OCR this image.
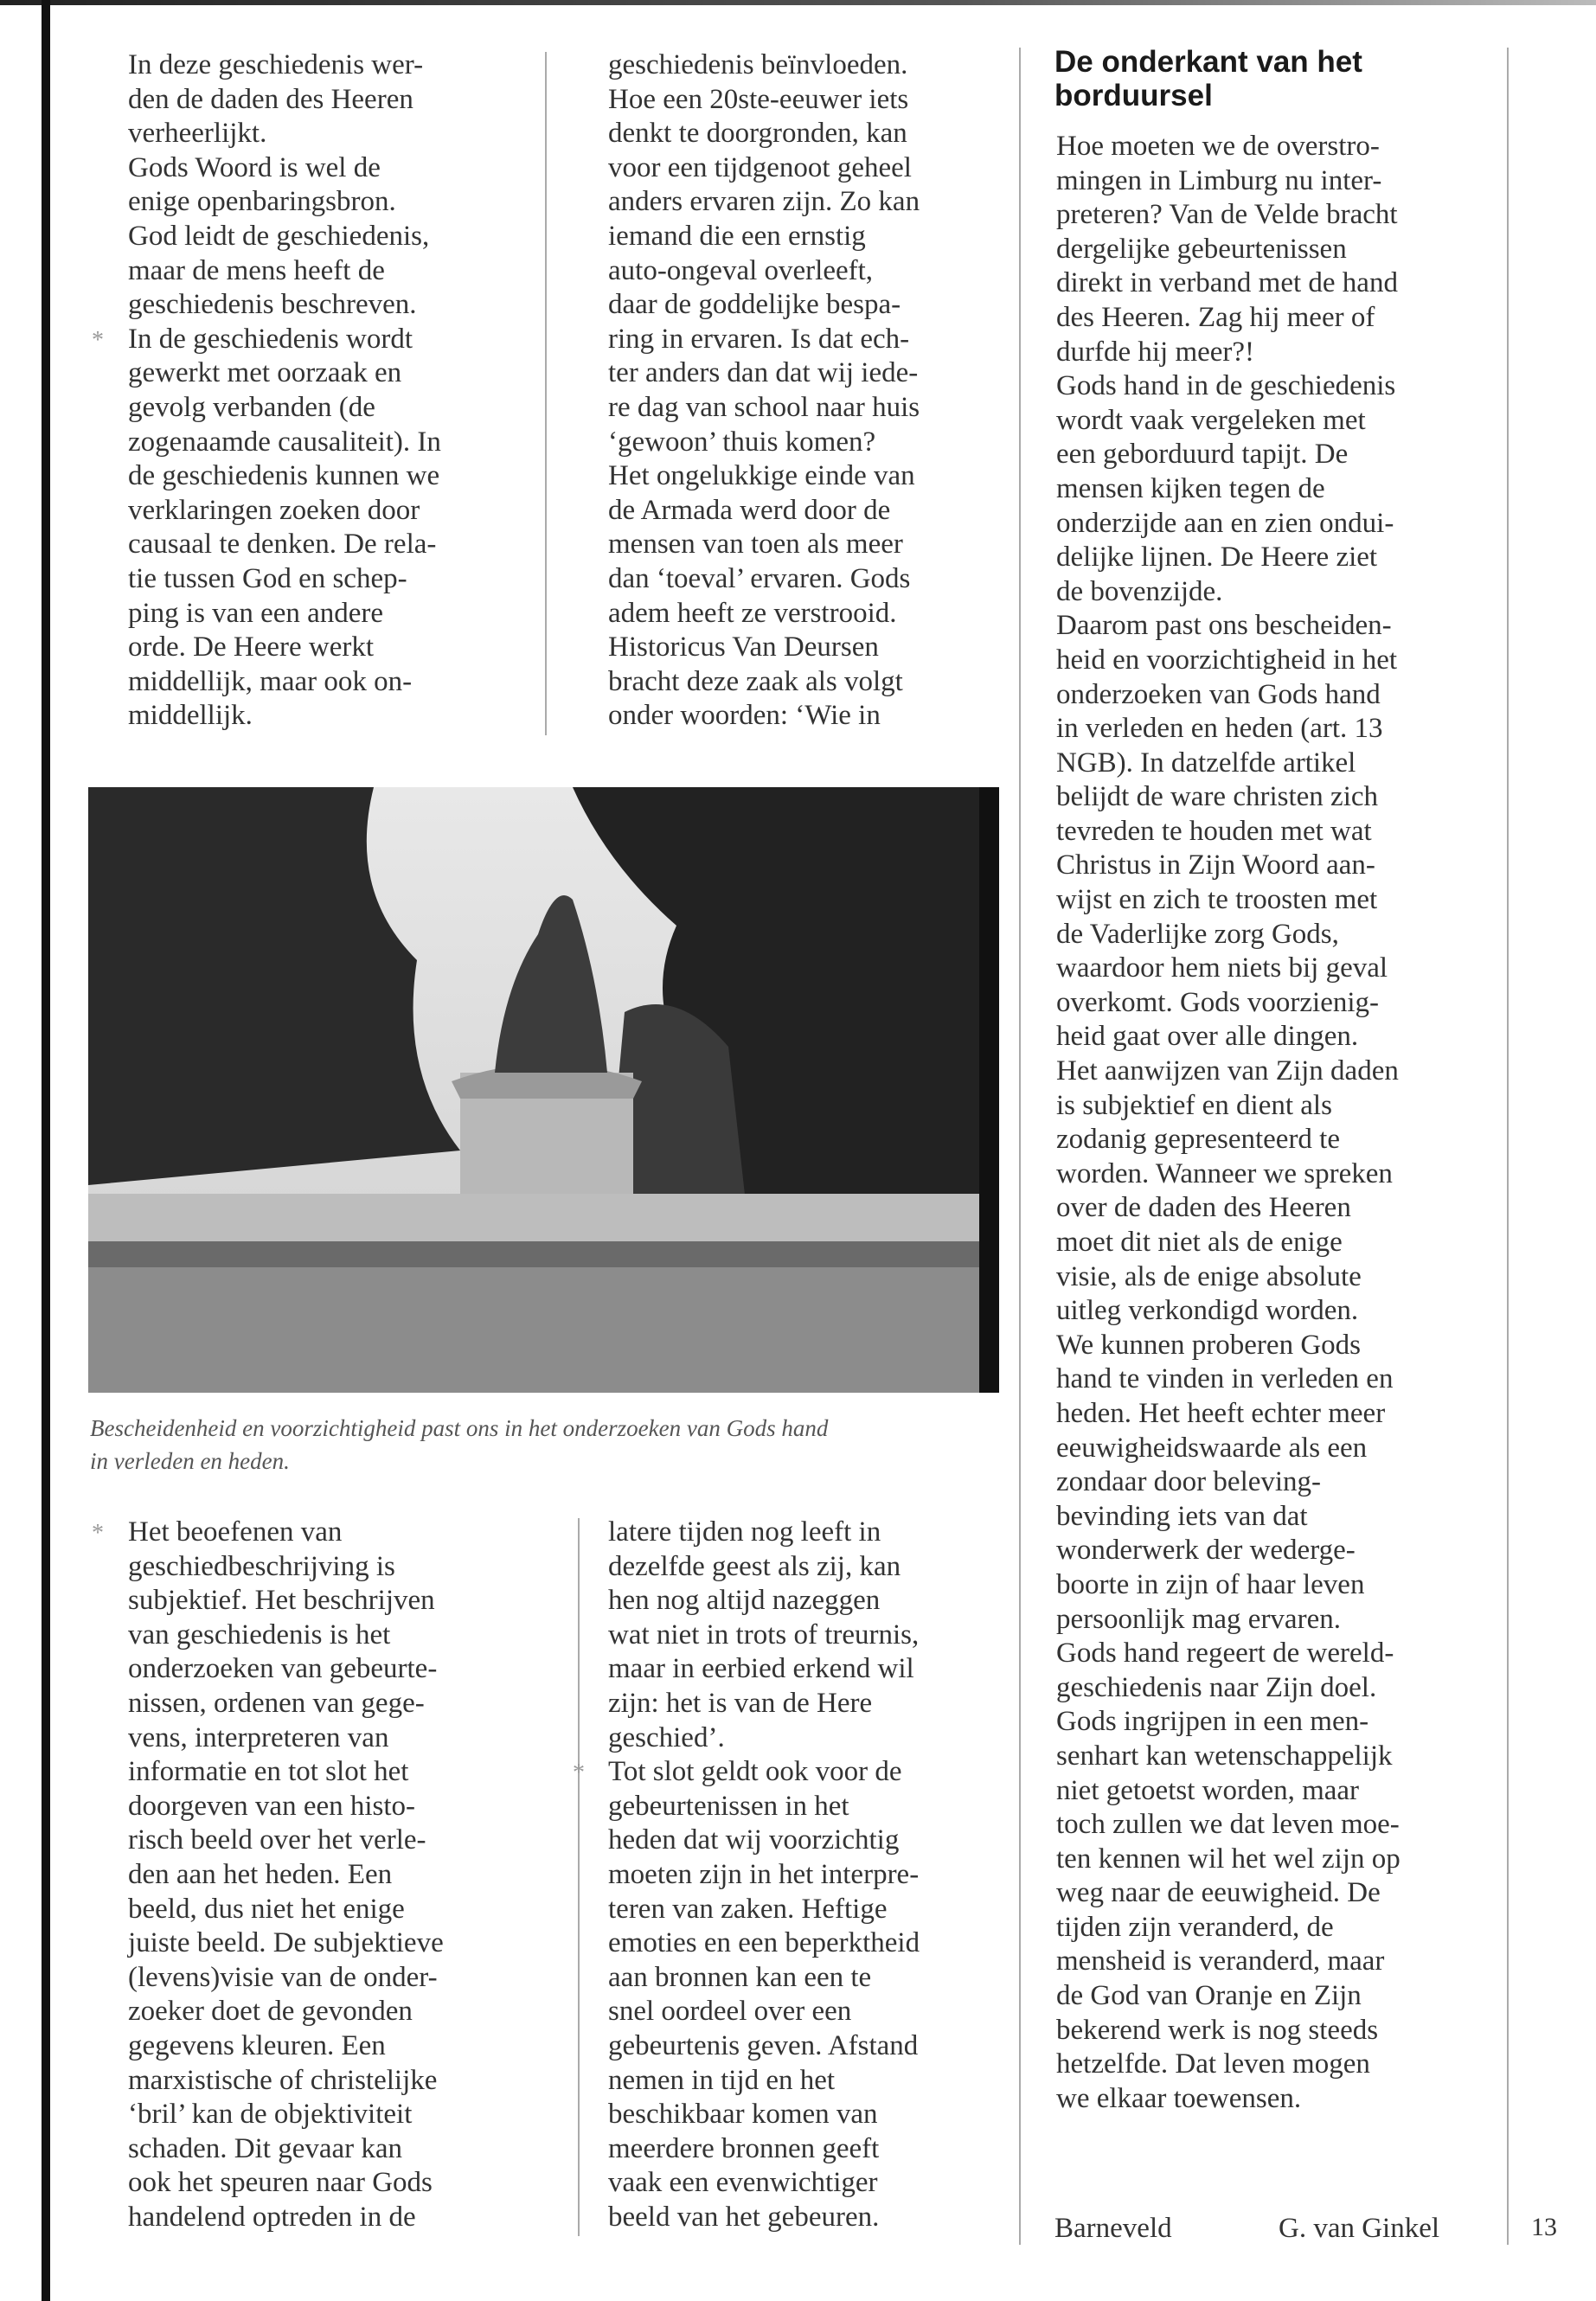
In deze geschiedenis wer-
den de daden des Heeren
verheerlijkt.
Gods Woord is wel de
enige openbaringsbron.
God leidt de geschiedenis,
maar de mens heeft de
geschiedenis beschreven.
In de geschiedenis wordt
gewerkt met oorzaak en
gevolg verbanden (de
zogenaamde causaliteit). In
de geschiedenis kunnen we
verklaringen zoeken door
causaal te denken. De rela-
tie tussen God en schep-
ping is van een andere
orde. De Heere werkt
middellijk, maar ook on-
middellijk.
*
geschiedenis beïnvloeden.
Hoe een 20ste-eeuwer iets
denkt te doorgronden, kan
voor een tijdgenoot geheel
anders ervaren zijn. Zo kan
iemand die een ernstig
auto-ongeval overleeft,
daar de goddelijke bespa-
ring in ervaren. Is dat ech-
ter anders dan dat wij iede-
re dag van school naar huis
‘gewoon’ thuis komen?
Het ongelukkige einde van
de Armada werd door de
mensen van toen als meer
dan ‘toeval’ ervaren. Gods
adem heeft ze verstrooid.
Historicus Van Deursen
bracht deze zaak als volgt
onder woorden: ‘Wie in
De onderkant van het
borduursel
Hoe moeten we de overstro-
mingen in Limburg nu inter-
preteren? Van de Velde bracht
dergelijke gebeurtenissen
direkt in verband met de hand
des Heeren. Zag hij meer of
durfde hij meer?!
Gods hand in de geschiedenis
wordt vaak vergeleken met
een geborduurd tapijt. De
mensen kijken tegen de
onderzijde aan en zien ondui-
delijke lijnen. De Heere ziet
de bovenzijde.
Daarom past ons bescheiden-
heid en voorzichtigheid in het
onderzoeken van Gods hand
in verleden en heden (art. 13
NGB). In datzelfde artikel
belijdt de ware christen zich
tevreden te houden met wat
Christus in Zijn Woord aan-
wijst en zich te troosten met
de Vaderlijke zorg Gods,
waardoor hem niets bij geval
overkomt. Gods voorzienig-
heid gaat over alle dingen.
Het aanwijzen van Zijn daden
is subjektief en dient als
zodanig gepresenteerd te
worden. Wanneer we spreken
over de daden des Heeren
moet dit niet als de enige
visie, als de enige absolute
uitleg verkondigd worden.
We kunnen proberen Gods
hand te vinden in verleden en
heden. Het heeft echter meer
eeuwigheidswaarde als een
zondaar door beleving-
bevinding iets van dat
wonderwerk der wederge-
boorte in zijn of haar leven
persoonlijk mag ervaren.
Gods hand regeert de wereld-
geschiedenis naar Zijn doel.
Gods ingrijpen in een men-
senhart kan wetenschappelijk
niet getoetst worden, maar
toch zullen we dat leven moe-
ten kennen wil het wel zijn op
weg naar de eeuwigheid. De
tijden zijn veranderd, de
mensheid is veranderd, maar
de God van Oranje en Zijn
bekerend werk is nog steeds
hetzelfde. Dat leven mogen
we elkaar toewensen.
Bescheidenheid en voorzichtigheid past ons in het onderzoeken van Gods hand
in verleden en heden.
* Het beoefenen van
geschiedbeschrijving is
subjektief. Het beschrijven
van geschiedenis is het
onderzoeken van gebeurte-
nissen, ordenen van gege-
vens, interpreteren van
informatie en tot slot het
doorgeven van een histo-
risch beeld over het verle-
den aan het heden. Een
beeld, dus niet het enige
juiste beeld. De subjektieve
(levens)visie van de onder-
zoeker doet de gevonden
gegevens kleuren. Een
marxistische of christelijke
‘bril’ kan de objektiviteit
schaden. Dit gevaar kan
ook het speuren naar Gods
handelend optreden in de
latere tijden nog leeft in
dezelfde geest als zij, kan
hen nog altijd nazeggen
wat niet in trots of treurnis,
maar in eerbied erkend wil
zijn: het is van de Here
geschied’.
Tot slot geldt ook voor de
gebeurtenissen in het
heden dat wij voorzichtig
moeten zijn in het interpre-
teren van zaken. Heftige
emoties en een beperktheid
aan bronnen kan een te
snel oordeel over een
gebeurtenis geven. Afstand
nemen in tijd en het
beschikbaar komen van
meerdere bronnen geeft
vaak een evenwichtiger
beeld van het gebeuren.
*
Barneveld	G. van Ginkel	13
